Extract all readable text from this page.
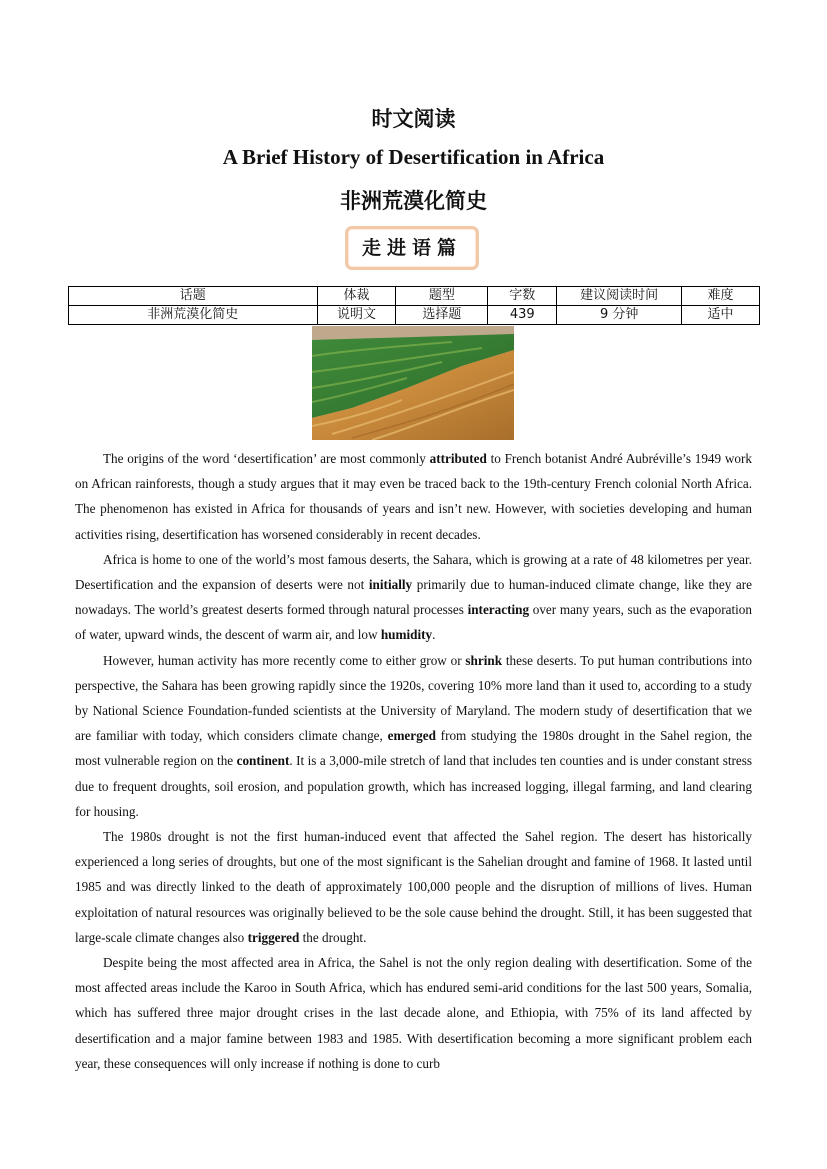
时文阅读
A Brief History of Desertification in Africa
非洲荒漠化简史
走进语篇
话题	体裁	题型	字数	建议阅读时间	难度
非洲荒漠化简史	说明文	选择题	439	9 分钟	适中

The origins of the word ‘desertification’ are most commonly attributed to French botanist André Aubréville’s 1949 work on African rainforests, though a study argues that it may even be traced back to the 19th-century French colonial North Africa. The phenomenon has existed in Africa for thousands of years and isn’t new. However, with societies developing and human activities rising, desertification has worsened considerably in recent decades.

Africa is home to one of the world’s most famous deserts, the Sahara, which is growing at a rate of 48 kilometres per year. Desertification and the expansion of deserts were not initially primarily due to human-induced climate change, like they are nowadays. The world’s greatest deserts formed through natural processes interacting over many years, such as the evaporation of water, upward winds, the descent of warm air, and low humidity.

However, human activity has more recently come to either grow or shrink these deserts. To put human contributions into perspective, the Sahara has been growing rapidly since the 1920s, covering 10% more land than it used to, according to a study by National Science Foundation-funded scientists at the University of Maryland. The modern study of desertification that we are familiar with today, which considers climate change, emerged from studying the 1980s drought in the Sahel region, the most vulnerable region on the continent. It is a 3,000-mile stretch of land that includes ten counties and is under constant stress due to frequent droughts, soil erosion, and population growth, which has increased logging, illegal farming, and land clearing for housing.

The 1980s drought is not the first human-induced event that affected the Sahel region. The desert has historically experienced a long series of droughts, but one of the most significant is the Sahelian drought and famine of 1968. It lasted until 1985 and was directly linked to the death of approximately 100,000 people and the disruption of millions of lives. Human exploitation of natural resources was originally believed to be the sole cause behind the drought. Still, it has been suggested that large-scale climate changes also triggered the drought.

Despite being the most affected area in Africa, the Sahel is not the only region dealing with desertification. Some of the most affected areas include the Karoo in South Africa, which has endured semi-arid conditions for the last 500 years, Somalia, which has suffered three major drought crises in the last decade alone, and Ethiopia, with 75% of its land affected by desertification and a major famine between 1983 and 1985. With desertification becoming a more significant problem each year, these consequences will only increase if nothing is done to curb
